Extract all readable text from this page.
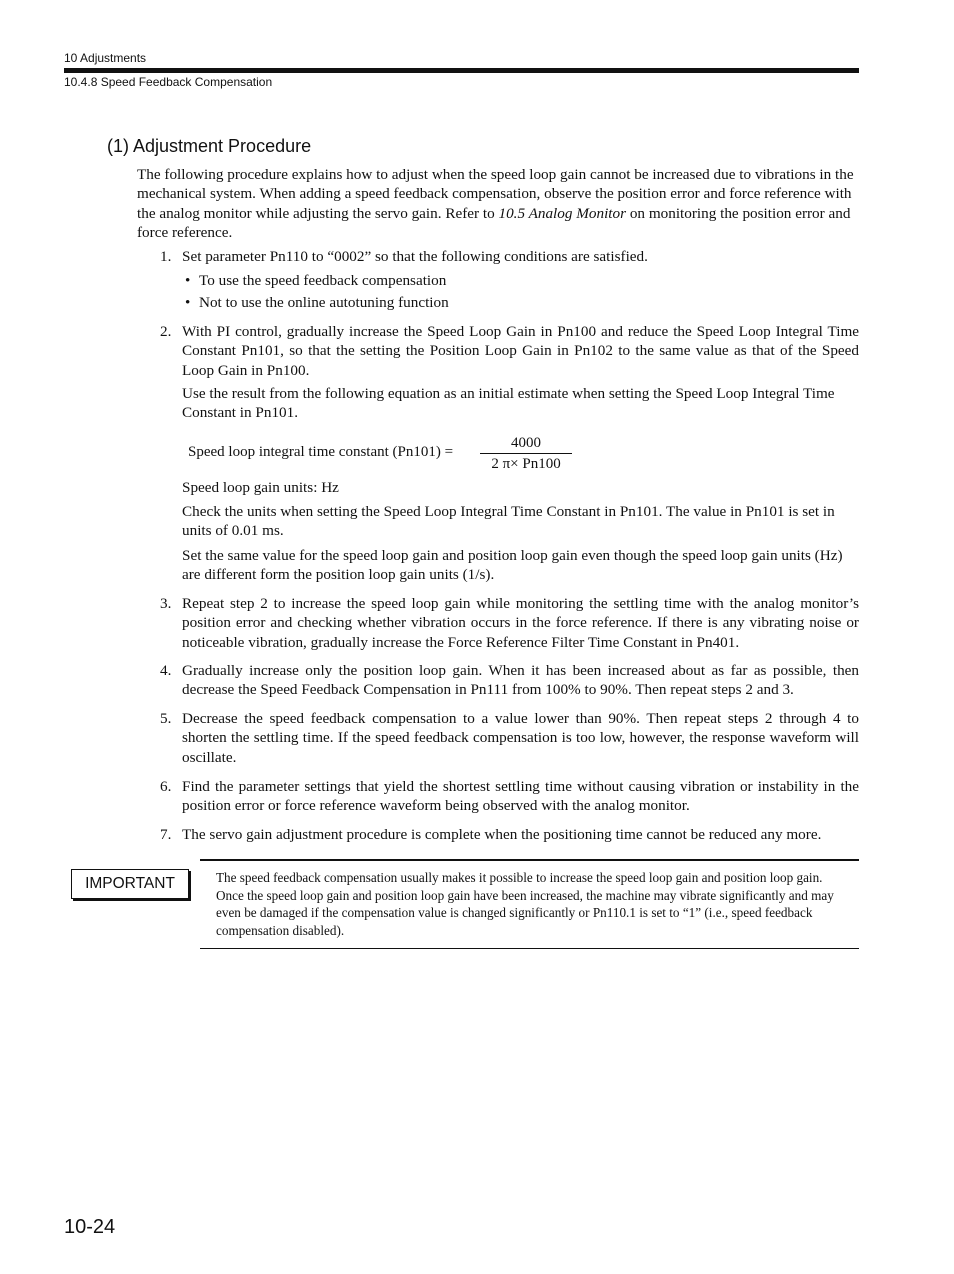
10 Adjustments
10.4.8 Speed Feedback Compensation
(1) Adjustment Procedure

The following procedure explains how to adjust when the speed loop gain cannot be increased due to vibrations in the mechanical system. When adding a speed feedback compensation, observe the position error and force reference with the analog monitor while adjusting the servo gain. Refer to 10.5 Analog Monitor on monitoring the position error and force reference.

1. Set parameter Pn110 to “0002” so that the following conditions are satisfied.

• To use the speed feedback compensation
• Not to use the online autotuning function
2. With PI control, gradually increase the Speed Loop Gain in Pn100 and reduce the Speed Loop Integral Time Constant Pn101, so that the setting the Position Loop Gain in Pn102 to the same value as that of the Speed Loop Gain in Pn100.

Use the result from the following equation as an initial estimate when setting the Speed Loop Integral Time Constant in Pn101.

Speed loop integral time constant (Pn101) =
4000
2 π× Pn100

Speed loop gain units: Hz

Check the units when setting the Speed Loop Integral Time Constant in Pn101. The value in Pn101 is set in units of 0.01 ms.

Set the same value for the speed loop gain and position loop gain even though the speed loop gain units (Hz) are different form the position loop gain units (1/s).

3. Repeat step 2 to increase the speed loop gain while monitoring the settling time with the analog monitor’s position error and checking whether vibration occurs in the force reference. If there is any vibrating noise or noticeable vibration, gradually increase the Force Reference Filter Time Constant in Pn401.

4. Gradually increase only the position loop gain. When it has been increased about as far as possible, then decrease the Speed Feedback Compensation in Pn111 from 100% to 90%. Then repeat steps 2 and 3.

5. Decrease the speed feedback compensation to a value lower than 90%. Then repeat steps 2 through 4 to shorten the settling time. If the speed feedback compensation is too low, however, the response waveform will oscillate.

6. Find the parameter settings that yield the shortest settling time without causing vibration or instability in the position error or force reference waveform being observed with the analog monitor.

7. The servo gain adjustment procedure is complete when the positioning time cannot be reduced any more.

IMPORTANT	The speed feedback compensation usually makes it possible to increase the speed loop gain and position loop gain. Once the speed loop gain and position loop gain have been increased, the machine may vibrate significantly and may even be damaged if the compensation value is changed significantly or Pn110.1 is set to “1” (i.e., speed feedback compensation disabled).

10-24
